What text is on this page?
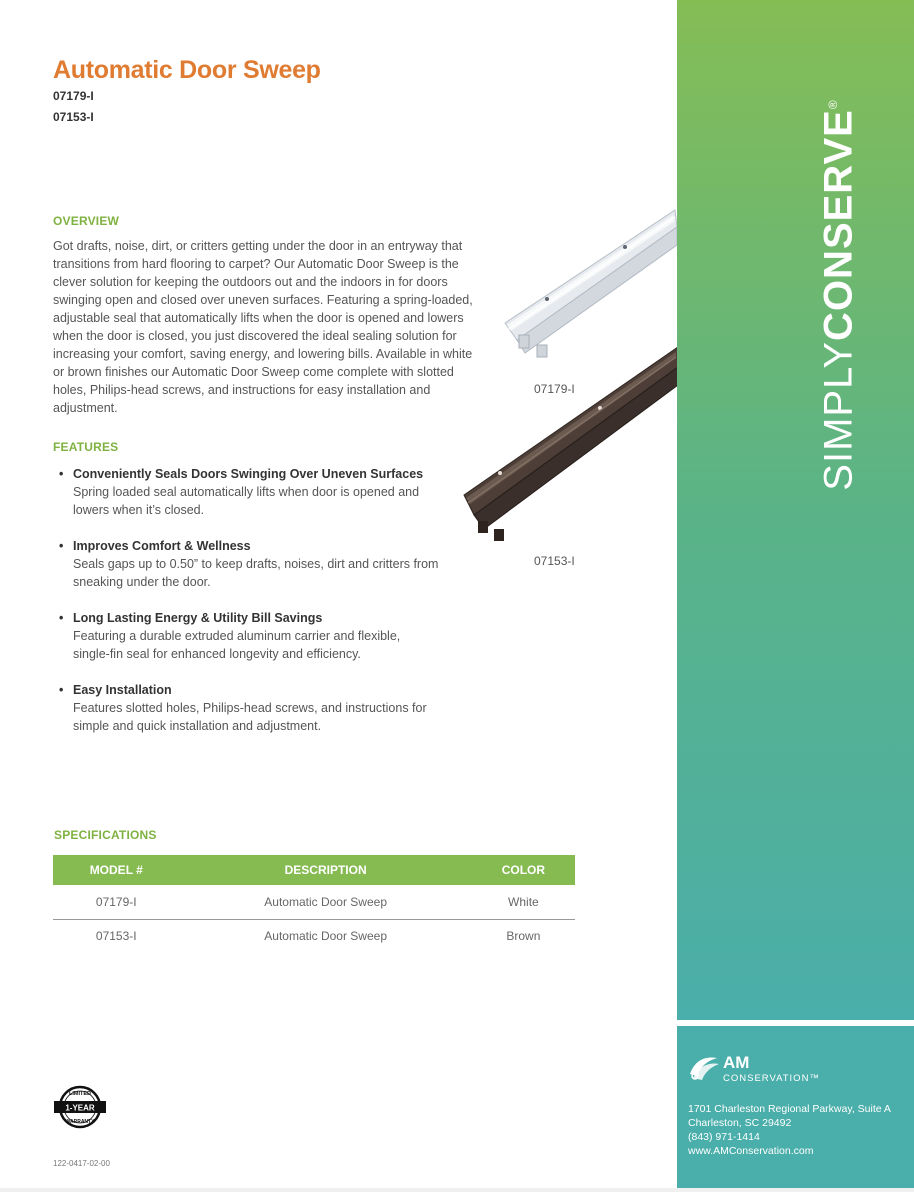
Automatic Door Sweep
07179-I
07153-I
OVERVIEW

Got drafts, noise, dirt, or critters getting under the door in an entryway that transitions from hard flooring to carpet? Our Automatic Door Sweep is the clever solution for keeping the outdoors out and the indoors in for doors swinging open and closed over uneven surfaces. Featuring a spring-loaded, adjustable seal that automatically lifts when the door is opened and lowers when the door is closed, you just discovered the ideal sealing solution for increasing your comfort, saving energy, and lowering bills. Available in white or brown finishes our Automatic Door Sweep come complete with slotted holes, Philips-head screws, and instructions for easy installation and adjustment.

FEATURES
• Conveniently Seals Doors Swinging Over Uneven Surfaces
Spring loaded seal automatically lifts when door is opened and lowers when it’s closed.
• Improves Comfort & Wellness
Seals gaps up to 0.50” to keep drafts, noises, dirt and critters from sneaking under the door.
• Long Lasting Energy & Utility Bill Savings
Featuring a durable extruded aluminum carrier and flexible, single-fin seal for enhanced longevity and efficiency.
• Easy Installation
Features slotted holes, Philips-head screws, and instructions for simple and quick installation and adjustment.
07179-I
07153-I
SPECIFICATIONS
MODEL #	DESCRIPTION	COLOR
07179-I	Automatic Door Sweep	White
07153-I	Automatic Door Sweep	Brown
LIMITED
1-YEAR
WARRANTY
122-0417-02-00
SIMPLYCONSERVE®
AM
CONSERVATION™
1701 Charleston Regional Parkway, Suite A
Charleston, SC 29492
(843) 971-1414
www.AMConservation.com
